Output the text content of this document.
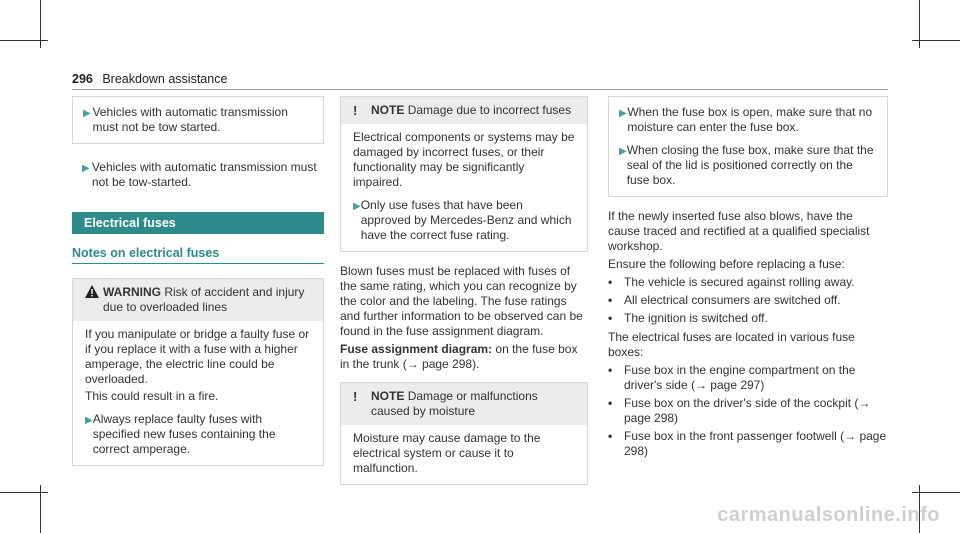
296 Breakdown assistance
▶ Vehicles with automatic transmission must not be tow started.
▶ Vehicles with automatic transmission must not be tow-started.
Electrical fuses
Notes on electrical fuses
WARNING Risk of accident and injury due to overloaded lines
If you manipulate or bridge a faulty fuse or if you replace it with a fuse with a higher amperage, the electric line could be overloaded.
This could result in a fire.
▶ Always replace faulty fuses with specified new fuses containing the correct amperage.
!	NOTE Damage due to incorrect fuses
Electrical components or systems may be damaged by incorrect fuses, or their functionality may be significantly impaired.
▶ Only use fuses that have been approved by Mercedes-Benz and which have the correct fuse rating.
Blown fuses must be replaced with fuses of the same rating, which you can recognize by the color and the labeling. The fuse ratings and further information to be observed can be found in the fuse assignment diagram.
Fuse assignment diagram: on the fuse box in the trunk (→ page 298).
!	NOTE Damage or malfunctions caused by moisture
Moisture may cause damage to the electrical system or cause it to malfunction.
▶ When the fuse box is open, make sure that no moisture can enter the fuse box.
▶ When closing the fuse box, make sure that the seal of the lid is positioned correctly on the fuse box.
If the newly inserted fuse also blows, have the cause traced and rectified at a qualified specialist workshop.
Ensure the following before replacing a fuse:
• The vehicle is secured against rolling away.
• All electrical consumers are switched off.
• The ignition is switched off.
The electrical fuses are located in various fuse boxes:
• Fuse box in the engine compartment on the driver's side (→ page 297)
• Fuse box on the driver's side of the cockpit (→ page 298)
• Fuse box in the front passenger footwell (→ page 298)
carmanualsonline.info
